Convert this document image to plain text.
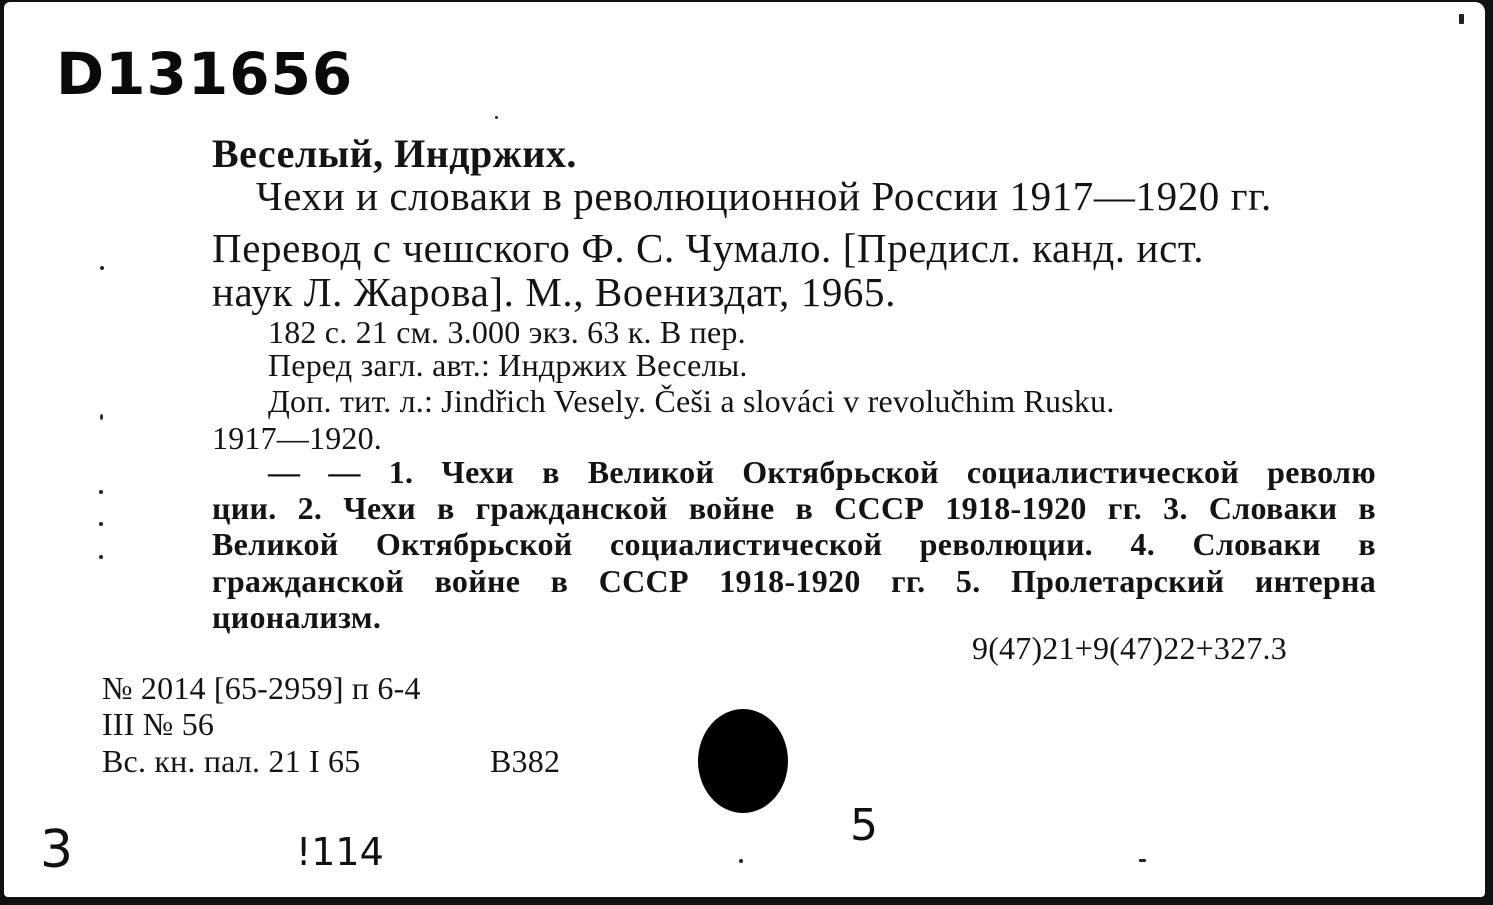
D131656
Веселый, Индржих.
Чехи и словаки в революционной России 1917—1920 гг.
Перевод с чешского Ф. С. Чумало. [Предисл. канд. ист.
наук Л. Жарова]. М., Воениздат, 1965.
182 с. 21 см. 3.000 экз. 63 к. В пер.
Перед загл. авт.: Индржих Веселы.
Доп. тит. л.: Jindřich Vesely. Češi a slováci v revolučhim Rusku.
1917—1920.
— — 1. Чехи в Великой Октябрьской социалистической револю
ции. 2. Чехи в гражданской войне в СССР 1918-1920 гг. 3. Словаки в
Великой Октябрьской социалистической революции. 4. Словаки в
гражданской войне в СССР 1918-1920 гг. 5. Пролетарский интерна
ционализм.
9(47)21+9(47)22+327.3
№ 2014 [65-2959] п 6-4
III № 56
Вс. кн. пал. 21 I 65	В382
3	!114
5
